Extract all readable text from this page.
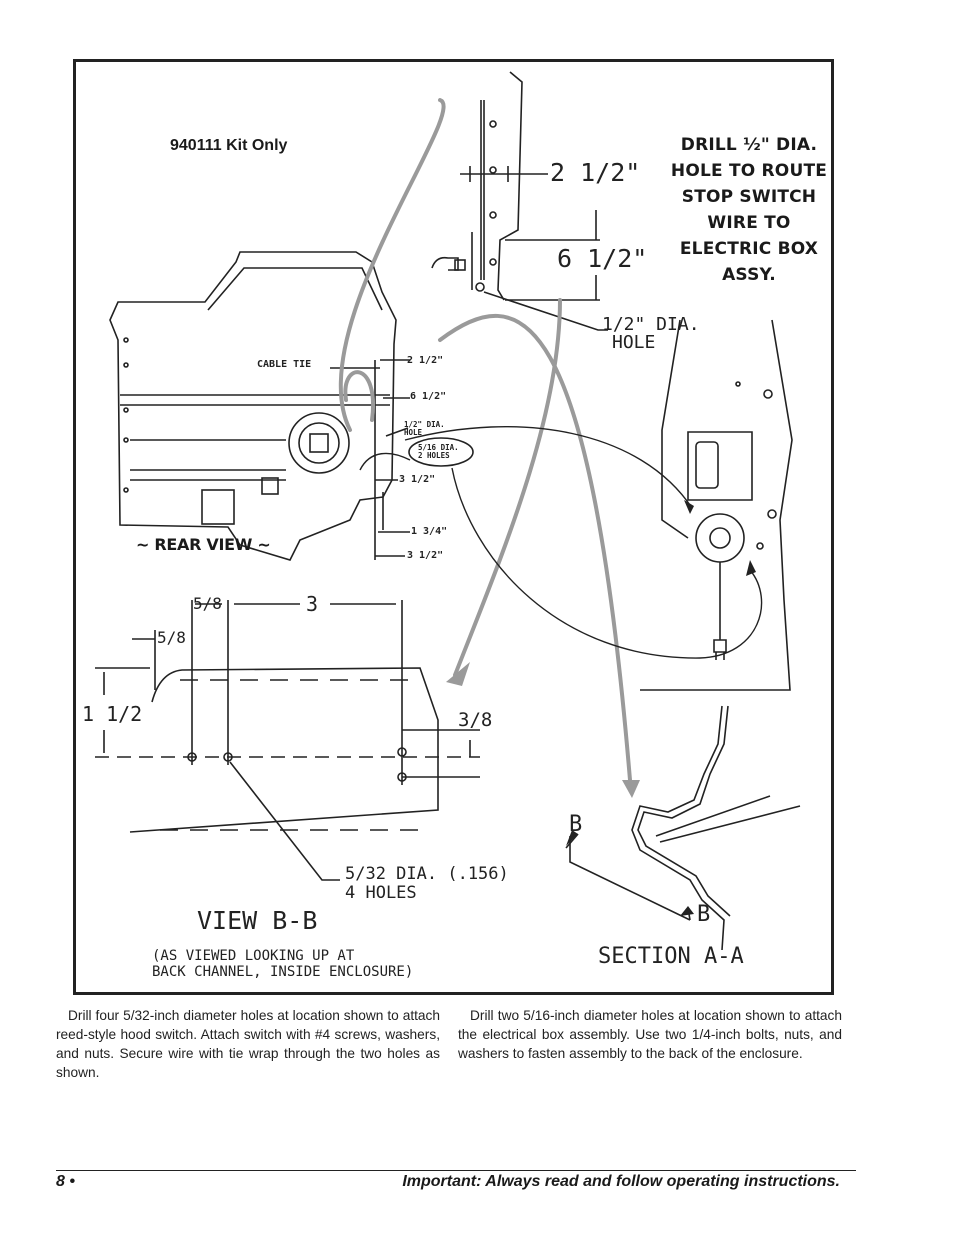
940111 Kit Only	DRILL ½" DIA.
HOLE TO ROUTE
STOP SWITCH
WIRE TO
ELECTRIC BOX
ASSY.
2 1/2"
6 1/2"
1/2" DIA.
HOLE
CABLE TIE	2 1/2"
6 1/2"
1/2" DIA.
HOLE
5/16 DIA.
2 HOLES
3 1/2"
1 3/4"
3 1/2"
~ REAR VIEW ~
5/8	3
5/8
1 1/2	3/8
5/32 DIA. (.156)
4 HOLES
VIEW B-B
(AS VIEWED LOOKING UP AT
BACK CHANNEL, INSIDE ENCLOSURE)
B
B
SECTION A-A
Drill four 5/32-inch diameter holes at location shown to attach reed-style hood switch. Attach switch with #4 screws, washers, and nuts. Secure wire with tie wrap through the two holes as shown.
Drill two 5/16-inch diameter holes at location shown to attach the electrical box assembly. Use two 1/4-inch bolts, nuts, and washers to fasten assembly to the back of the enclosure.
8 •	Important: Always read and follow operating instructions.
